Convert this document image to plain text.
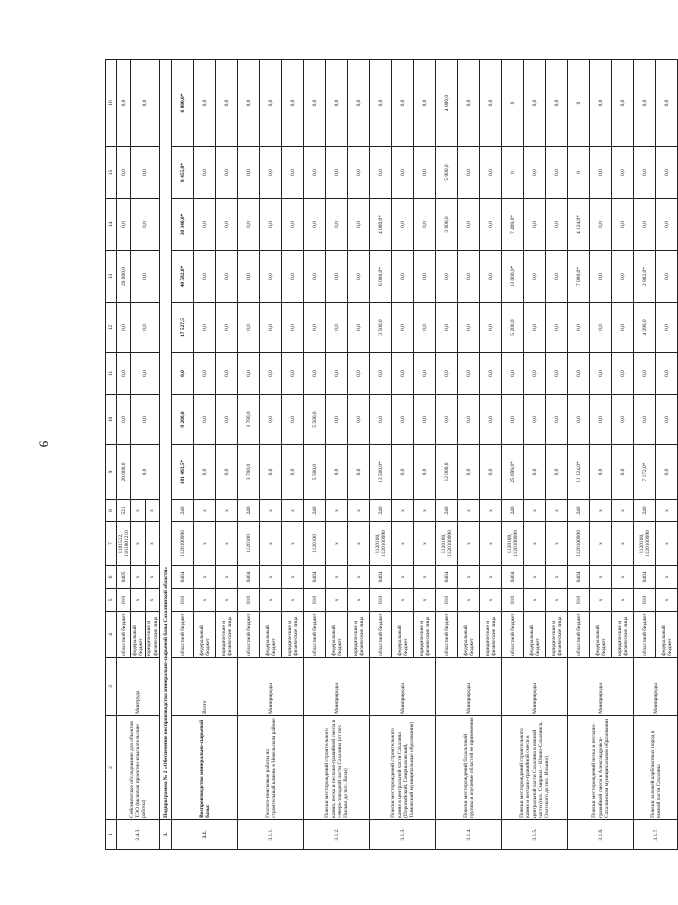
9
1	2	3	4	5	6	7	8	9	10	11	12	13	14	15	16
2.4.3.	Сейсмическое обследование для объектов ТЭО (включая проектно-изыскательские работы)	Минтруда	областной бюджет	010	0405	1101512, 1101801210	521	20 000,0	0,0	0,0	0,0	20 000,0	0,0	0,0	0,0
			федеральный бюджет	x	x	x	x	0,0	0,0	0,0	0,0	0,0	0,0	0,0	0,0
			юридические и физические лица	x	x	x	x								
3.	Подпрограмма № 2 «Обеспечение воспроизводства минерально-сырьевой базы Сахалинской области»														
3.1.	Воспроизводство минерально-сырьевой базы:	Всего	областной бюджет	010	0404	1120100990	240	101 493,5*	9 200,0	0,0	17 527,5	40 582,0*	30 340,0*	8 455,0*	6 000,0*
			федеральный бюджет	x	x	x	x	0,0	0,0	0,0	0,0	0,0	0,0	0,0	0,0
			юридические и физические лица	x	x	x	x	0,0	0,0	0,0	0,0	0,0	0,0	0,0	0,0
3.1.1.	Геолого-поисковые работы на строительный камень в Невельском районе	Минприроды	областной бюджет	010	0404	1120100	240	3 700,0	3 700,0	0,0	0,0	0,0	0,0	0,0	0,0
			федеральный бюджет	x	x	x	x	0,0	0,0	0,0	0,0	0,0	0,0	0,0	0,0
			юридические и физические лица	x	x	x	x	0,0	0,0	0,0	0,0	0,0	0,0	0,0	0,0
3.1.2.	Поиски месторождений строительного камня, песка и песчано-гравийной смеси в северо-западной части Сахалина (от пос. Пильво до пос. Вахи)	Минприроды	областной бюджет	010	0404	1120100	240	5 500,0	5 500,0	0,0	0,0	0,0	0,0	0,0	0,0
			федеральный бюджет	x	x	x	x	0,0	0,0	0,0	0,0	0,0	0,0	0,0	0,0
			юридические и физические лица	x	x	x	x	0,0	0,0	0,0	0,0	0,0	0,0	0,0	0,0
3.1.3.	Поиски месторождений строительного камня в центральной части Сахалина (Поронайский, Смирныховский, Тымовский муниципальные образования)	Минприроды	областной бюджет	010	0404	1120100, 1120100990	240	13 500,0*	0,0	0,0	3 500,0	6 000,0*	4 000,0*	0,0	0,0
			федеральный бюджет	x	x	x	x	0,0	0,0	0,0	0,0	0,0	0,0	0,0	0,0
			юридические и физические лица	x	x	x	x	0,0	0,0	0,0	0,0	0,0	0,0	0,0	0,0
3.1.4.	Поиски месторождений базальтовой группы и изучение областей ее применения	Минприроды	областной бюджет	010	0404	1120100, 1120100990	240	12 000,0	0,0	0,0	0,0	0,0	3 000,0	5 000,0	4 000,0
			федеральный бюджет	x	x	x	x	0,0	0,0	0,0	0,0	0,0	0,0	0,0	0,0
			юридические и физические лица	x	x	x	x	0,0	0,0	0,0	0,0	0,0	0,0	0,0	0,0
3.1.5.	Поиски месторождений строительного камня и песчано-гравийной смеси в центральной части Сахалина в южной части (пос. Смирных – Южно-Сахалинск, Охотского до пос. Ильино)	Минприроды	областной бюджет	010	0404	1120100, 1120100990	240	25 699,0*	0,0	0,0	5 200,0	13 000,0*	7 499,0*	0	0
			федеральный бюджет	x	x	x	x	0,0	0,0	0,0	0,0	0,0	0,0	0,0	0,0
			юридические и физические лица	x	x	x	x	0,0	0,0	0,0	0,0	0,0	0,0	0,0	0,0
3.1.6.	Поиски месторождений песка и песчано-гравийной смеси в Александровск-Сахалинском муниципальном образовании	Минприроды	областной бюджет	010	0404	1120100990	240	11 124,0*	0,0	0,0	0,0	7 000,0*	4 124,0*	0	0
			федеральный бюджет	x	x	x	x	0,0	0,0	0,0	0,0	0,0	0,0	0,0	0,0
			юридические и физические лица	x	x	x	x	0,0	0,0	0,0	0,0	0,0	0,0	0,0	0,0
3.1.7.	Поиски залежей карбонатных пород в южной части Сахалина	Минприроды	областной бюджет	010	0404	1120100, 1120100990	240	7 172,0*	0,0	0,0	4 290,0	2 882,0*	0,0	0,0	0,0
			федеральный бюджет	x	x	x	x	0,0	0,0	0,0	0,0	0,0	0,0	0,0	0,0
